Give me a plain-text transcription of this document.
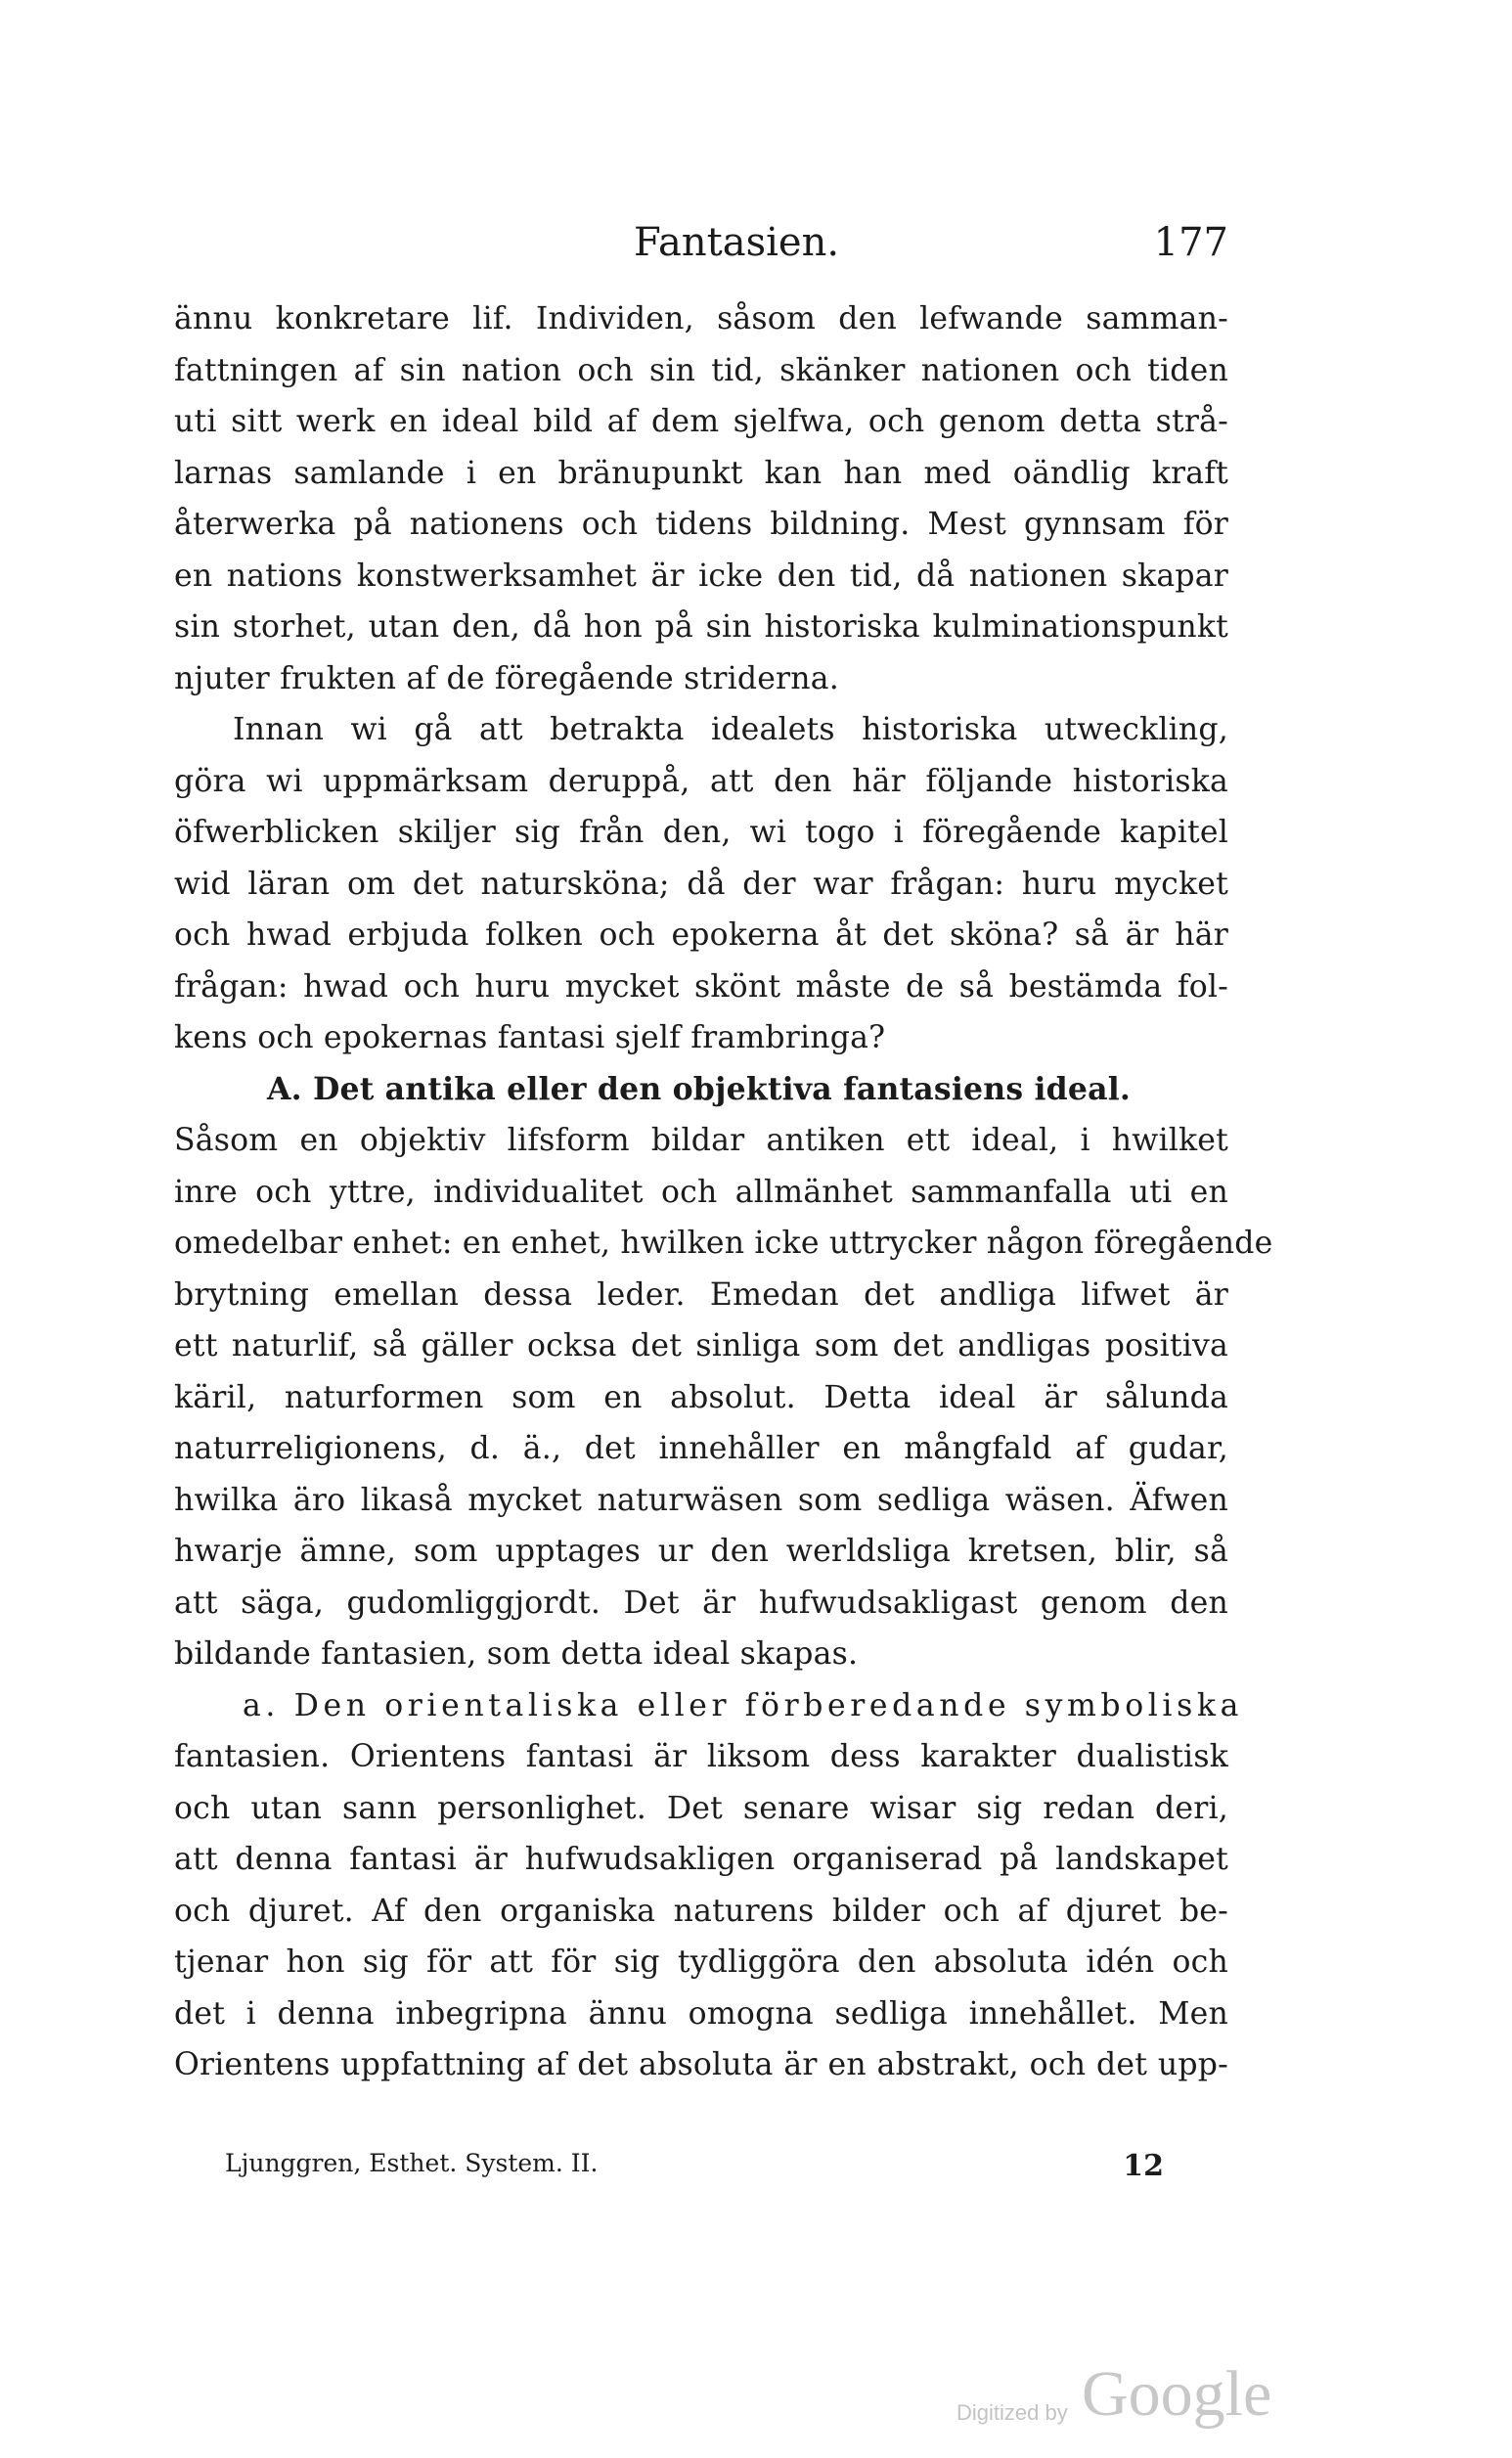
Fantasien.	177
ännu konkretare lif. Individen, såsom den lefwande samman-
fattningen af sin nation och sin tid, skänker nationen och tiden
uti sitt werk en ideal bild af dem sjelfwa, och genom detta strå-
larnas samlande i en bränupunkt kan han med oändlig kraft
återwerka på nationens och tidens bildning. Mest gynnsam för
en nations konstwerksamhet är icke den tid, då nationen skapar
sin storhet, utan den, då hon på sin historiska kulminationspunkt
njuter frukten af de föregående striderna.
Innan wi gå att betrakta idealets historiska utweckling,
göra wi uppmärksam deruppå, att den här följande historiska
öfwerblicken skiljer sig från den, wi togo i föregående kapitel
wid läran om det naturskönа; då der war frågan: huru mycket
och hwad erbjuda folken och epokerna åt det sköna? så är här
frågan: hwad och huru mycket skönt måste de så bestämda fol-
kens och epokernas fantasi sjelf frambringa?
A. Det antika eller den objektiva fantasiens ideal.
Såsom en objektiv lifsform bildar antiken ett ideal, i hwilket
inre och yttre, individualitet och allmänhet sammanfalla uti en
omedelbar enhet: en enhet, hwilken icke uttrycker någon föregående
brytning emellan dessa leder. Emedan det andliga lifwet är
ett naturlif, så gäller ocksa det sinliga som det andligas positiva
käril, naturformen som en absolut. Detta ideal är sålunda
naturreligionens, d. ä., det innehåller en mångfald af gudar,
hwilka äro likaså mycket naturwäsen som sedliga wäsen. Äfwen
hwarje ämne, som upptages ur den werldsliga kretsen, blir, så
att säga, gudomliggjordt. Det är hufwudsakligast genom den
bildande fantasien, som detta ideal skapas.
a. Den orientaliska eller förberedande symboliska
fantasien. Orientens fantasi är liksom dess karakter dualistisk
och utan sann personlighet. Det senare wisar sig redan deri,
att denna fantasi är hufwudsakligen organiserad på landskapet
och djuret. Af den organiska naturens bilder och af djuret be-
tjenar hon sig för att för sig tydliggöra den absoluta idén och
det i denna inbegripna ännu omogna sedliga innehållet. Men
Orientens uppfattning af det absoluta är en abstrakt, och det upp-
Ljunggren, Esthet. System. II.	12
Digitized by Google
